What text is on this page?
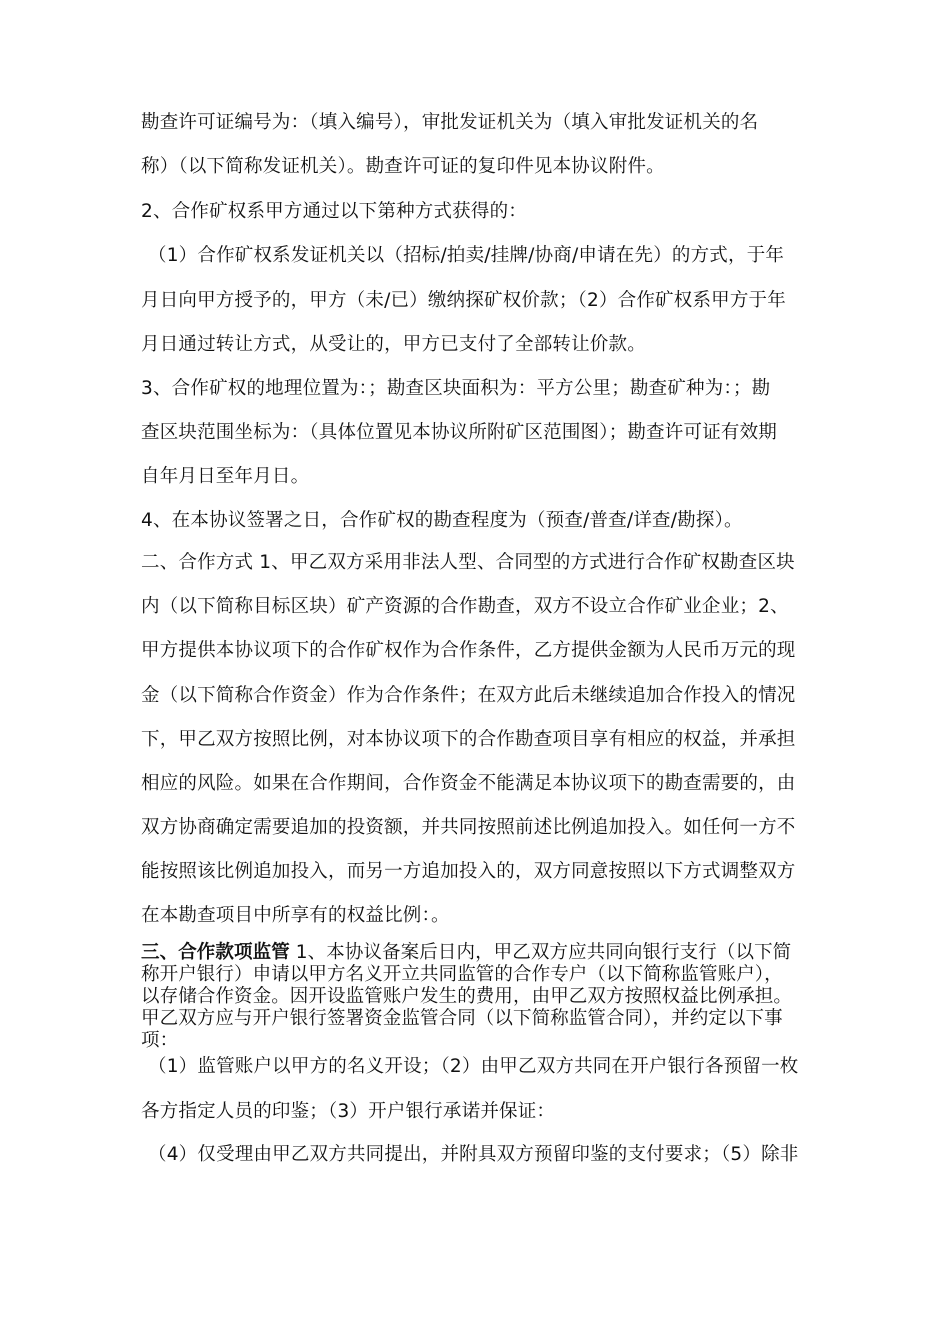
勘查许可证编号为：（填入编号），审批发证机关为（填入审批发证机关的名
称）（以下简称发证机关）。勘查许可证的复印件见本协议附件。
2、合作矿权系甲方通过以下第种方式获得的：
（1）合作矿权系发证机关以（招标/拍卖/挂牌/协商/申请在先）的方式，于年
月日向甲方授予的，甲方（未/已）缴纳探矿权价款；（2）合作矿权系甲方于年
月日通过转让方式，从受让的，甲方已支付了全部转让价款。
3、合作矿权的地理位置为：；勘查区块面积为：平方公里；勘查矿种为：；勘
查区块范围坐标为：（具体位置见本协议所附矿区范围图）；勘查许可证有效期
自年月日至年月日。
4、在本协议签署之日，合作矿权的勘查程度为（预查/普查/详查/勘探）。
二、合作方式 1、甲乙双方采用非法人型、合同型的方式进行合作矿权勘查区块
内（以下简称目标区块）矿产资源的合作勘查，双方不设立合作矿业企业；2、
甲方提供本协议项下的合作矿权作为合作条件，乙方提供金额为人民币万元的现
金（以下简称合作资金）作为合作条件；在双方此后未继续追加合作投入的情况
下，甲乙双方按照比例，对本协议项下的合作勘查项目享有相应的权益，并承担
相应的风险。如果在合作期间，合作资金不能满足本协议项下的勘查需要的，由
双方协商确定需要追加的投资额，并共同按照前述比例追加投入。如任何一方不
能按照该比例追加投入，而另一方追加投入的，双方同意按照以下方式调整双方
在本勘查项目中所享有的权益比例：。
三、合作款项监管 1、本协议备案后日内，甲乙双方应共同向银行支行（以下简
称开户银行）申请以甲方名义开立共同监管的合作专户（以下简称监管账户），
以存储合作资金。因开设监管账户发生的费用，由甲乙双方按照权益比例承担。
甲乙双方应与开户银行签署资金监管合同（以下简称监管合同），并约定以下事
项：
（1）监管账户以甲方的名义开设；（2）由甲乙双方共同在开户银行各预留一枚
各方指定人员的印鉴；（3）开户银行承诺并保证：
（4）仅受理由甲乙双方共同提出，并附具双方预留印鉴的支付要求；（5）除非
